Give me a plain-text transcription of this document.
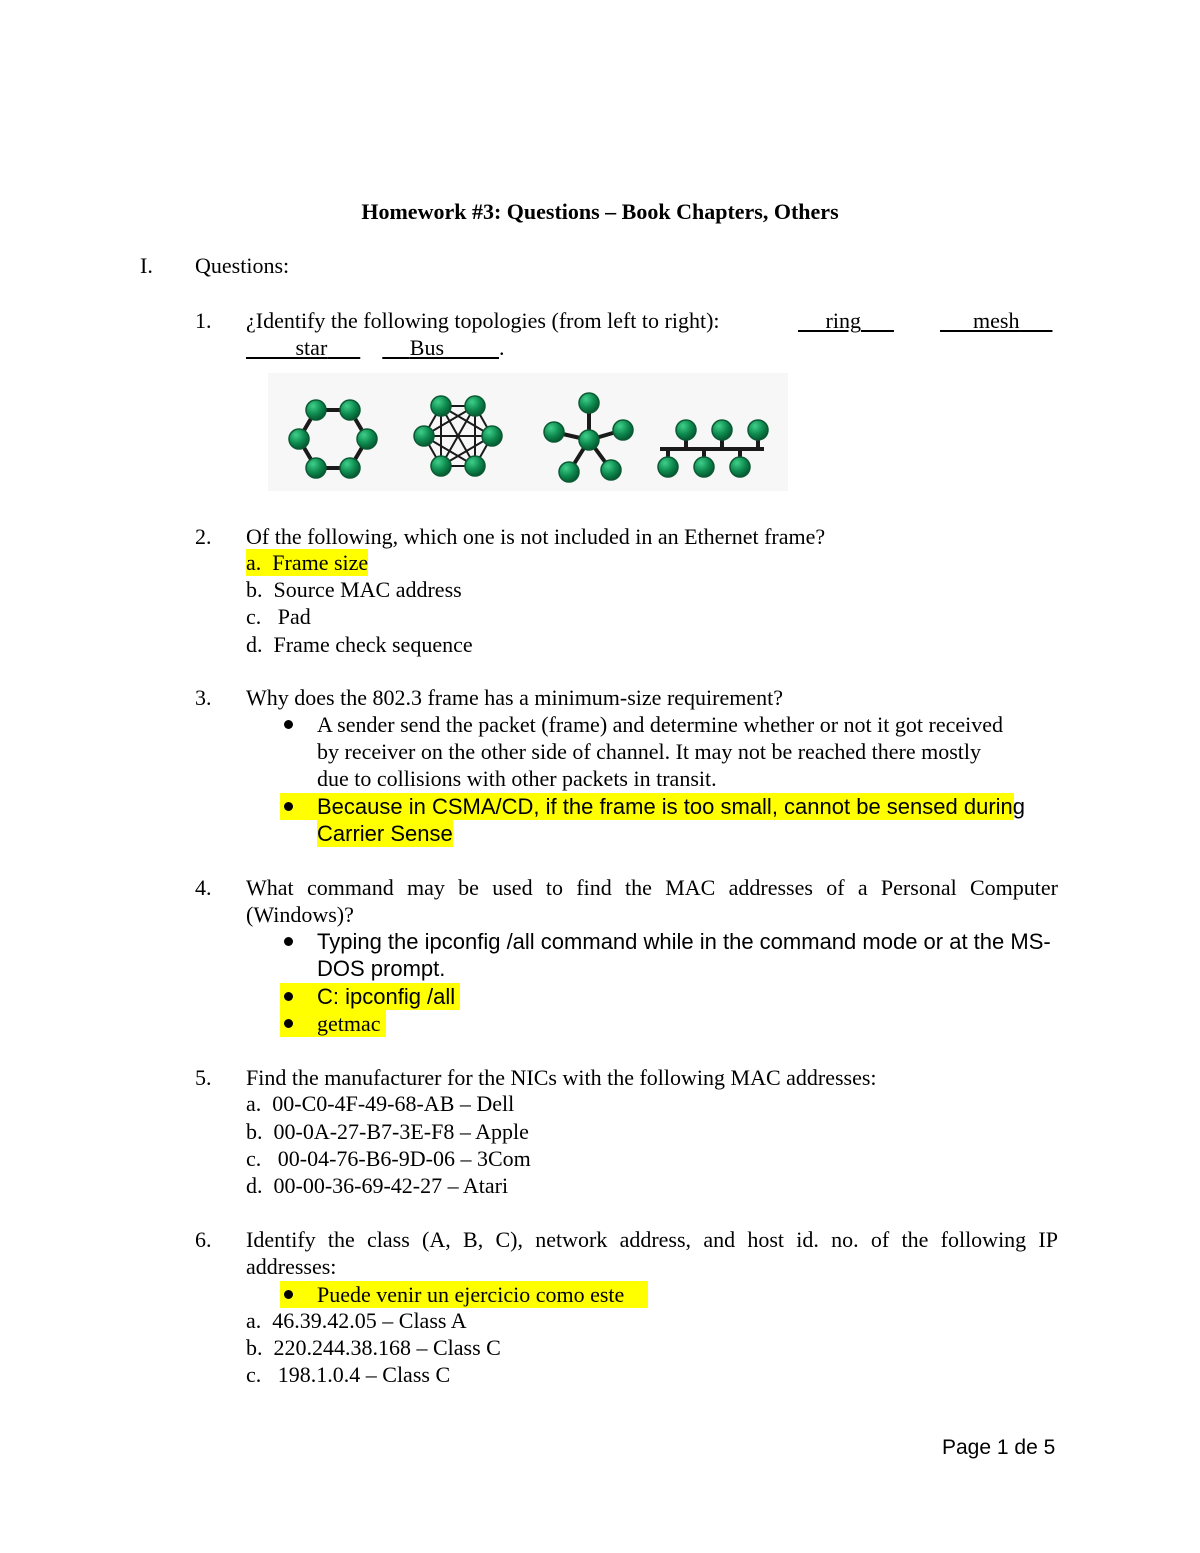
Homework #3: Questions – Book Chapters, Others
I. Questions:
1. ¿Identify the following topologies (from left to right):	ring	mesh
star	Bus	.
2. Of the following, which one is not included in an Ethernet frame?
a. Frame size
b. Source MAC address
c. Pad
d. Frame check sequence
3. Why does the 802.3 frame has a minimum-size requirement?
A sender send the packet (frame) and determine whether or not it got received
by receiver on the other side of channel. It may not be reached there mostly
due to collisions with other packets in transit.
Because in CSMA/CD, if the frame is too small, cannot be sensed during
Carrier Sense
4. What command may be used to find the MAC addresses of a Personal Computer
(Windows)?
Typing the ipconfig /all command while in the command mode or at the MS-
DOS prompt.
C: ipconfig /all
getmac
5. Find the manufacturer for the NICs with the following MAC addresses:
a. 00-C0-4F-49-68-AB – Dell
b. 00-0A-27-B7-3E-F8 – Apple
c. 00-04-76-B6-9D-06 – 3Com
d. 00-00-36-69-42-27 – Atari
6. Identify the class (A, B, C), network address, and host id. no. of the following IP
addresses:
Puede venir un ejercicio como este
a. 46.39.42.05 – Class A
b. 220.244.38.168 – Class C
c. 198.1.0.4 – Class C
Page 1 de 5
